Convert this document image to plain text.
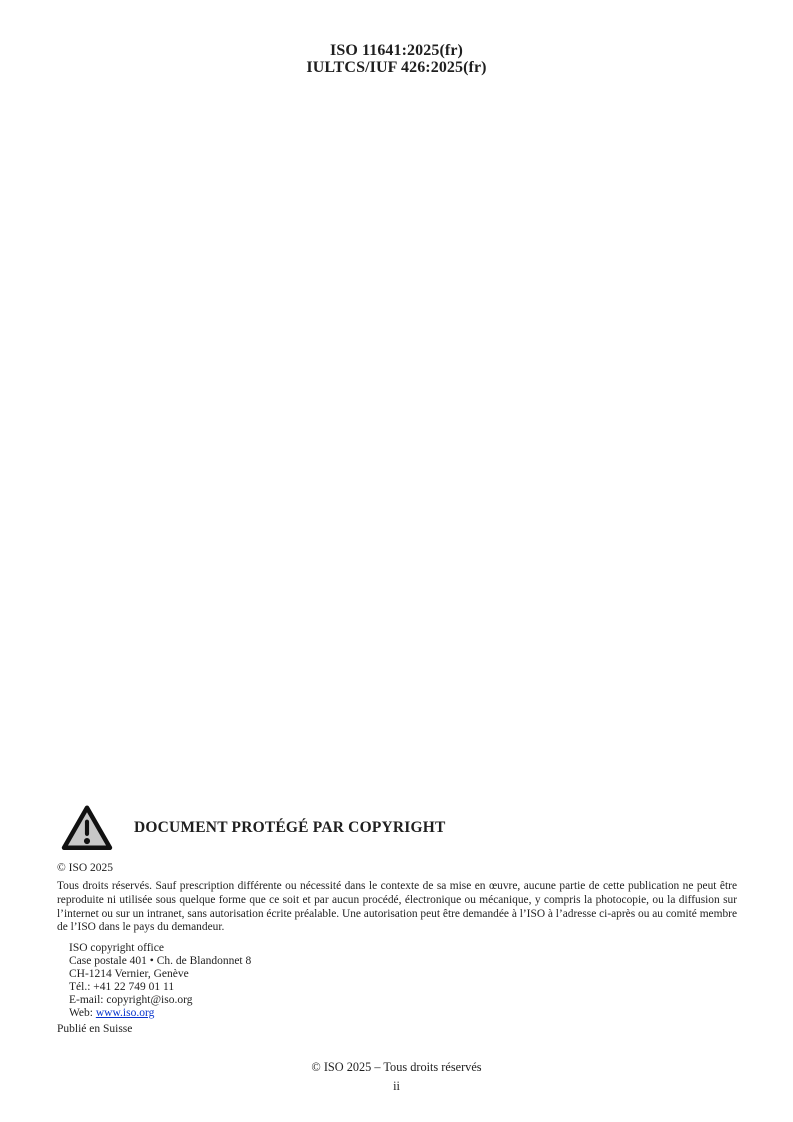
ISO 11641:2025(fr)
IULTCS/IUF 426:2025(fr)
DOCUMENT PROTÉGÉ PAR COPYRIGHT

© ISO 2025

Tous droits réservés. Sauf prescription différente ou nécessité dans le contexte de sa mise en œuvre, aucune partie de cette publication ne peut être reproduite ni utilisée sous quelque forme que ce soit et par aucun procédé, électronique ou mécanique, y compris la photocopie, ou la diffusion sur l’internet ou sur un intranet, sans autorisation écrite préalable. Une autorisation peut être demandée à l’ISO à l’adresse ci-après ou au comité membre de l’ISO dans le pays du demandeur.

ISO copyright office
Case postale 401 • Ch. de Blandonnet 8
CH-1214 Vernier, Genève
Tél.: +41 22 749 01 11
E-mail: copyright@iso.org
Web: www.iso.org

Publié en Suisse

© ISO 2025 – Tous droits réservés
ii
